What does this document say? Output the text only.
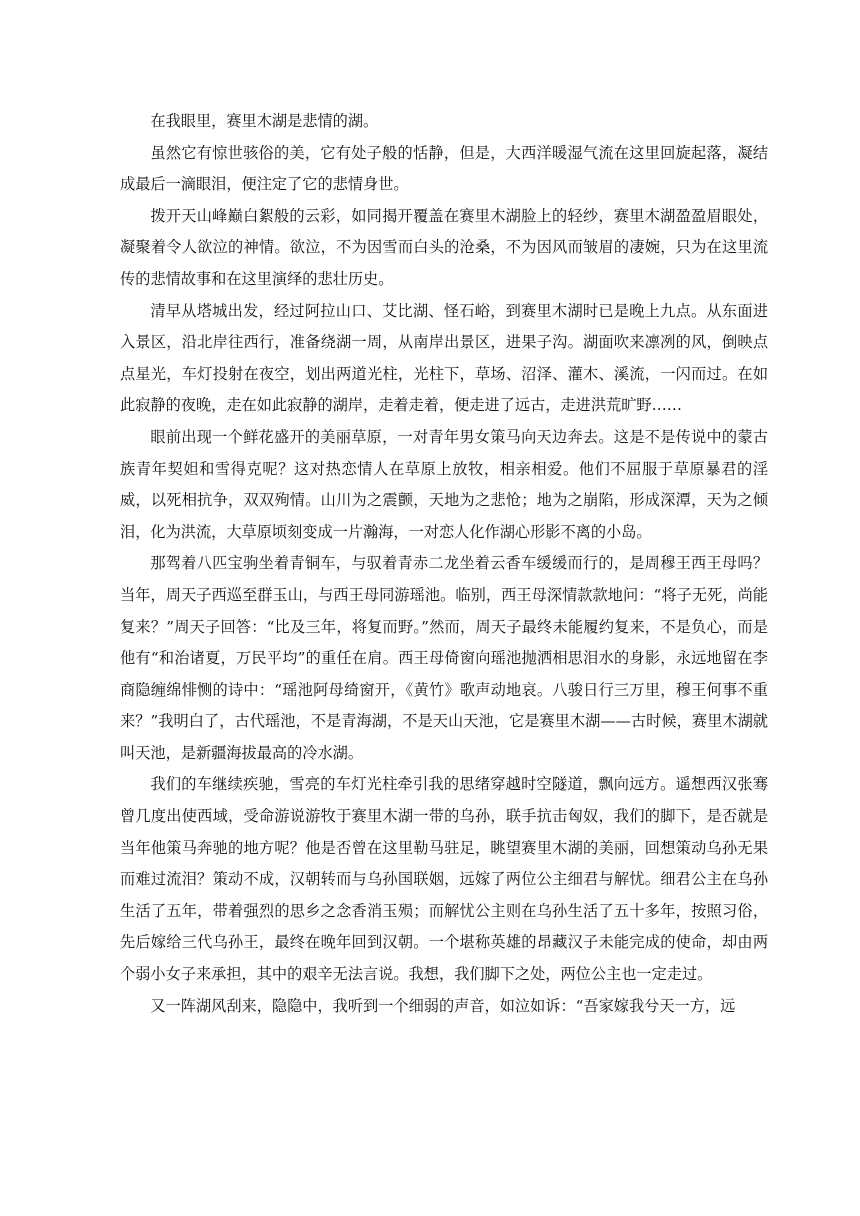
在我眼里，赛里木湖是悲情的湖。

虽然它有惊世骇俗的美，它有处子般的恬静，但是，大西洋暖湿气流在这里回旋起落，凝结成最后一滴眼泪，便注定了它的悲情身世。

拨开天山峰巅白絮般的云彩，如同揭开覆盖在赛里木湖脸上的轻纱，赛里木湖盈盈眉眼处，凝聚着令人欲泣的神情。欲泣，不为因雪而白头的沧桑，不为因风而皱眉的凄婉，只为在这里流传的悲情故事和在这里演绎的悲壮历史。

清早从塔城出发，经过阿拉山口、艾比湖、怪石峪，到赛里木湖时已是晚上九点。从东面进入景区，沿北岸往西行，准备绕湖一周，从南岸出景区，进果子沟。湖面吹来凛冽的风，倒映点点星光，车灯投射在夜空，划出两道光柱，光柱下，草场、沼泽、灌木、溪流，一闪而过。在如此寂静的夜晚，走在如此寂静的湖岸，走着走着，便走进了远古，走进洪荒旷野……

眼前出现一个鲜花盛开的美丽草原，一对青年男女策马向天边奔去。这是不是传说中的蒙古族青年契妲和雪得克呢？这对热恋情人在草原上放牧，相亲相爱。他们不屈服于草原暴君的淫威，以死相抗争，双双殉情。山川为之震颤，天地为之悲怆；地为之崩陷，形成深潭，天为之倾泪，化为洪流，大草原顷刻变成一片瀚海，一对恋人化作湖心形影不离的小岛。

那驾着八匹宝驹坐着青铜车，与驭着青赤二龙坐着云香车缓缓而行的，是周穆王西王母吗？当年，周天子西巡至群玉山，与西王母同游瑶池。临别，西王母深情款款地问：“将子无死，尚能复来？”周天子回答：“比及三年，将复而野。”然而，周天子最终未能履约复来，不是负心，而是他有“和治诸夏，万民平均”的重任在肩。西王母倚窗向瑶池抛洒相思泪水的身影，永远地留在李商隐缠绵悱恻的诗中：“瑶池阿母绮窗开，《黄竹》歌声动地哀。八骏日行三万里，穆王何事不重来？”我明白了，古代瑶池，不是青海湖，不是天山天池，它是赛里木湖——古时候，赛里木湖就叫天池，是新疆海拔最高的冷水湖。

我们的车继续疾驰，雪亮的车灯光柱牵引我的思绪穿越时空隧道，飘向远方。遥想西汉张骞曾几度出使西域，受命游说游牧于赛里木湖一带的乌孙，联手抗击匈奴，我们的脚下，是否就是当年他策马奔驰的地方呢？他是否曾在这里勒马驻足，眺望赛里木湖的美丽，回想策动乌孙无果而难过流泪？策动不成，汉朝转而与乌孙国联姻，远嫁了两位公主细君与解忧。细君公主在乌孙生活了五年，带着强烈的思乡之念香消玉殒；而解忧公主则在乌孙生活了五十多年，按照习俗，先后嫁给三代乌孙王，最终在晚年回到汉朝。一个堪称英雄的昂藏汉子未能完成的使命，却由两个弱小女子来承担，其中的艰辛无法言说。我想，我们脚下之处，两位公主也一定走过。

又一阵湖风刮来，隐隐中，我听到一个细弱的声音，如泣如诉：“吾家嫁我兮天一方，远
